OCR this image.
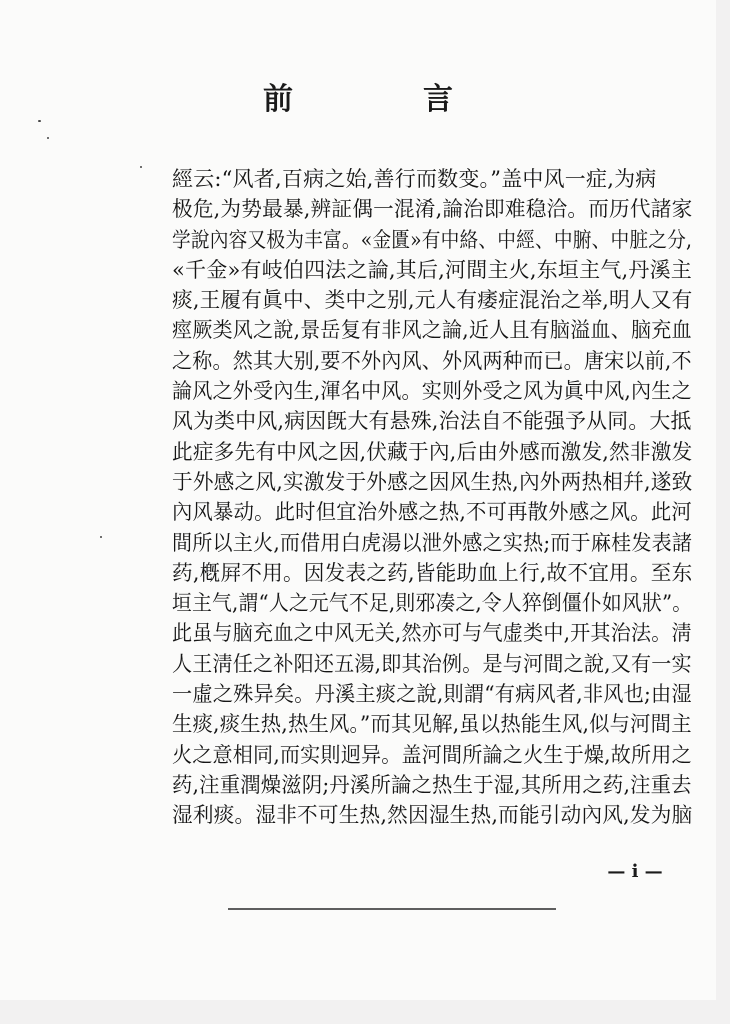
前　言
經云:“风者,百病之始,善行而数变。”盖中风一症,为病
极危,为势最暴,辨証偶一混淆,論治即难稳洽。而历代諸家
学說內容又极为丰富。«金匱»有中絡、中經、中腑、中脏之分,
«千金»有岐伯四法之論,其后,河間主火,东垣主气,丹溪主
痰,王履有眞中、类中之别,元人有痿症混治之举,明人又有
痙厥类风之說,景岳复有非风之論,近人且有脑溢血、脑充血
之称。然其大别,要不外內风、外风两种而已。唐宋以前,不
論风之外受內生,渾名中风。实则外受之风为眞中风,內生之
风为类中风,病因旣大有悬殊,治法自不能强予从同。大抵
此症多先有中风之因,伏藏于內,后由外感而激发,然非激发
于外感之风,实激发于外感之因风生热,內外两热相幷,遂致
內风暴动。此时但宜治外感之热,不可再散外感之风。此河
間所以主火,而借用白虎湯以泄外感之实热;而于麻桂发表諸
药,槪屛不用。因发表之药,皆能助血上行,故不宜用。至东
垣主气,謂“人之元气不足,則邪凑之,令人猝倒僵仆如风狀”。
此虽与脑充血之中风无关,然亦可与气虚类中,开其治法。淸
人王淸任之补阳还五湯,即其治例。是与河間之說,又有一实
一虛之殊异矣。丹溪主痰之說,則謂“有病风者,非风也;由湿
生痰,痰生热,热生风。”而其见解,虽以热能生风,似与河間主
火之意相同,而实則迥异。盖河間所論之火生于燥,故所用之
药,注重潤燥滋阴;丹溪所論之热生于湿,其所用之药,注重去
湿利痰。湿非不可生热,然因湿生热,而能引动內风,发为脑
— i —
